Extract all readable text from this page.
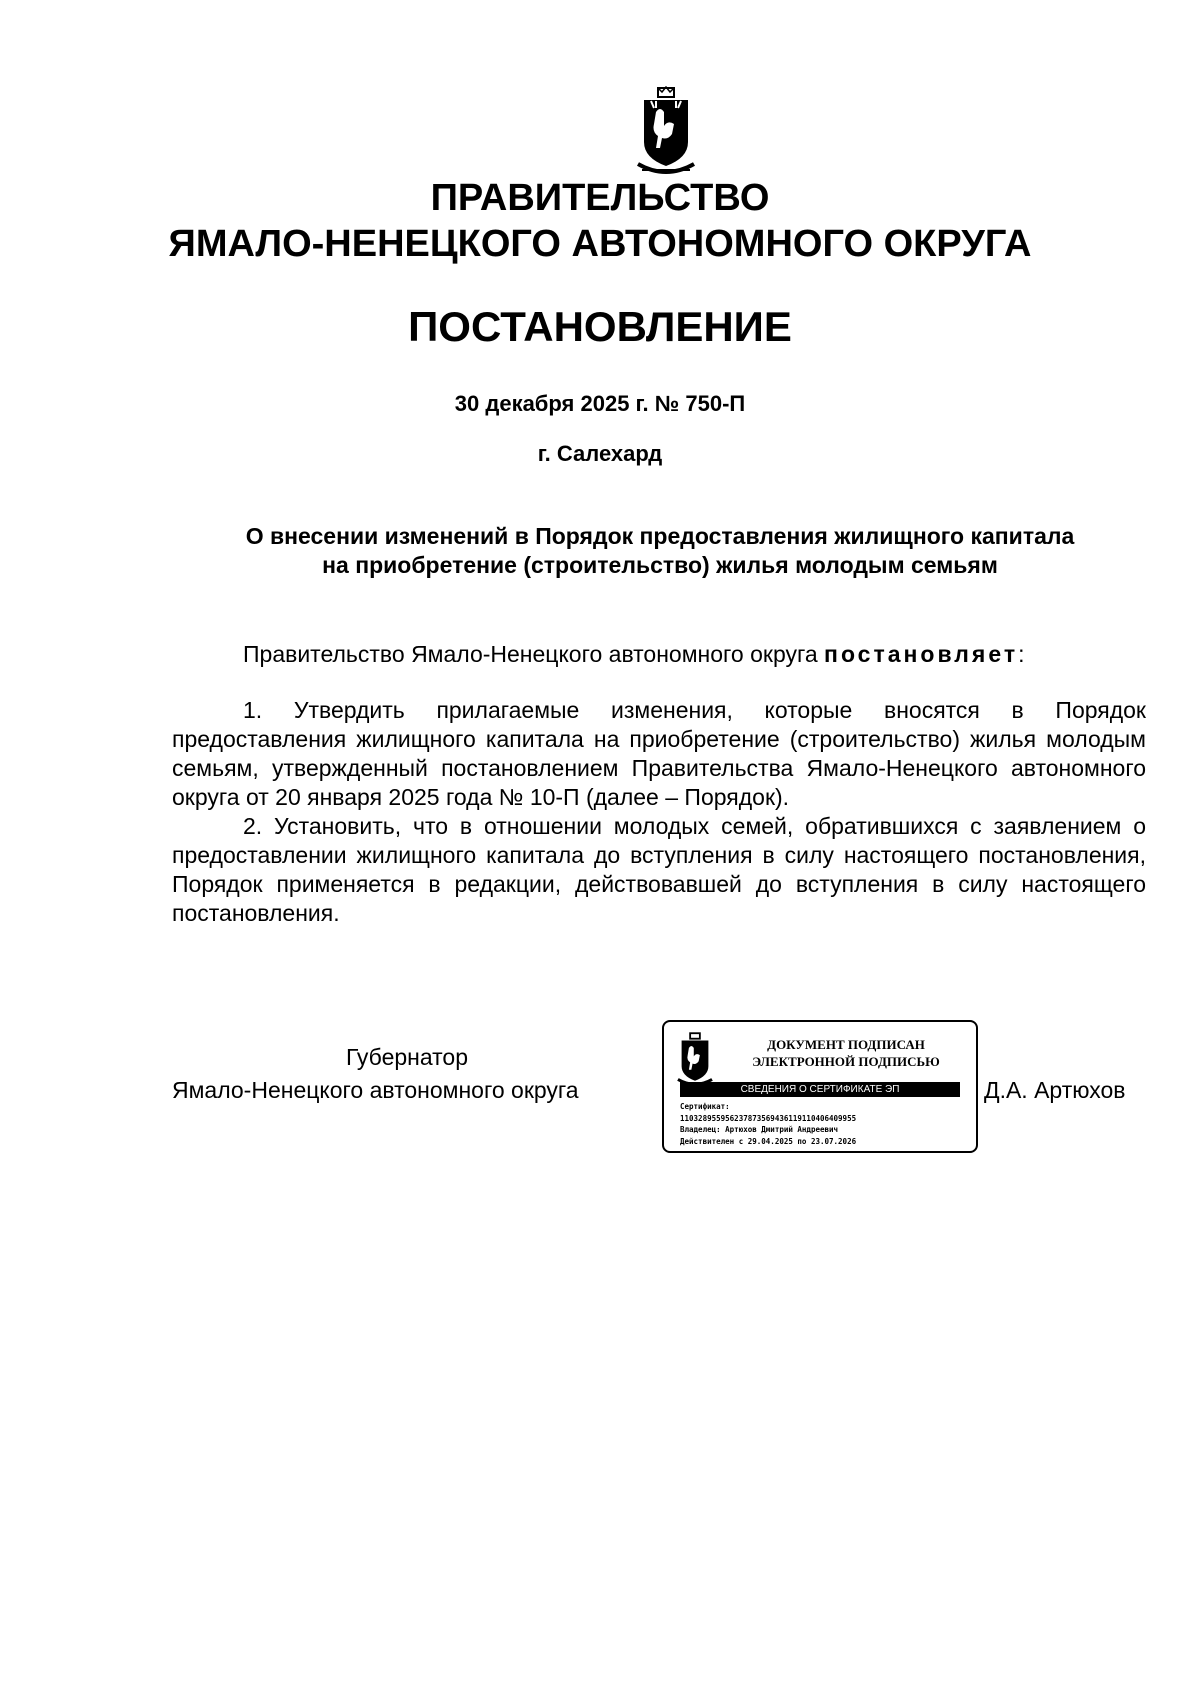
ПРАВИТЕЛЬСТВО
ЯМАЛО-НЕНЕЦКОГО АВТОНОМНОГО ОКРУГА
ПОСТАНОВЛЕНИЕ
30 декабря 2025 г. № 750-П
г. Салехард
О внесении изменений в Порядок предоставления жилищного капитала
на приобретение (строительство) жилья молодым семьям
Правительство Ямало-Ненецкого автономного округа постановляет:

1. Утвердить прилагаемые изменения, которые вносятся в Порядок предоставления жилищного капитала на приобретение (строительство) жилья молодым семьям, утвержденный постановлением Правительства Ямало-Ненецкого автономного округа от 20 января 2025 года № 10-П (далее – Порядок).

2. Установить, что в отношении молодых семей, обратившихся с заявлением о предоставлении жилищного капитала до вступления в силу настоящего постановления, Порядок применяется в редакции, действовавшей до вступления в силу настоящего постановления.

Губернатор
Ямало-Ненецкого автономного округа
ДОКУМЕНТ ПОДПИСАН
ЭЛЕКТРОННОЙ ПОДПИСЬЮ
СВЕДЕНИЯ О СЕРТИФИКАТЕ ЭП
Сертификат:
11032895595623787356943611911040640995​5
Владелец: Артюхов Дмитрий Андреевич
Действителен с 29.04.2025 по 23.07.2026
Д.А. Артюхов
